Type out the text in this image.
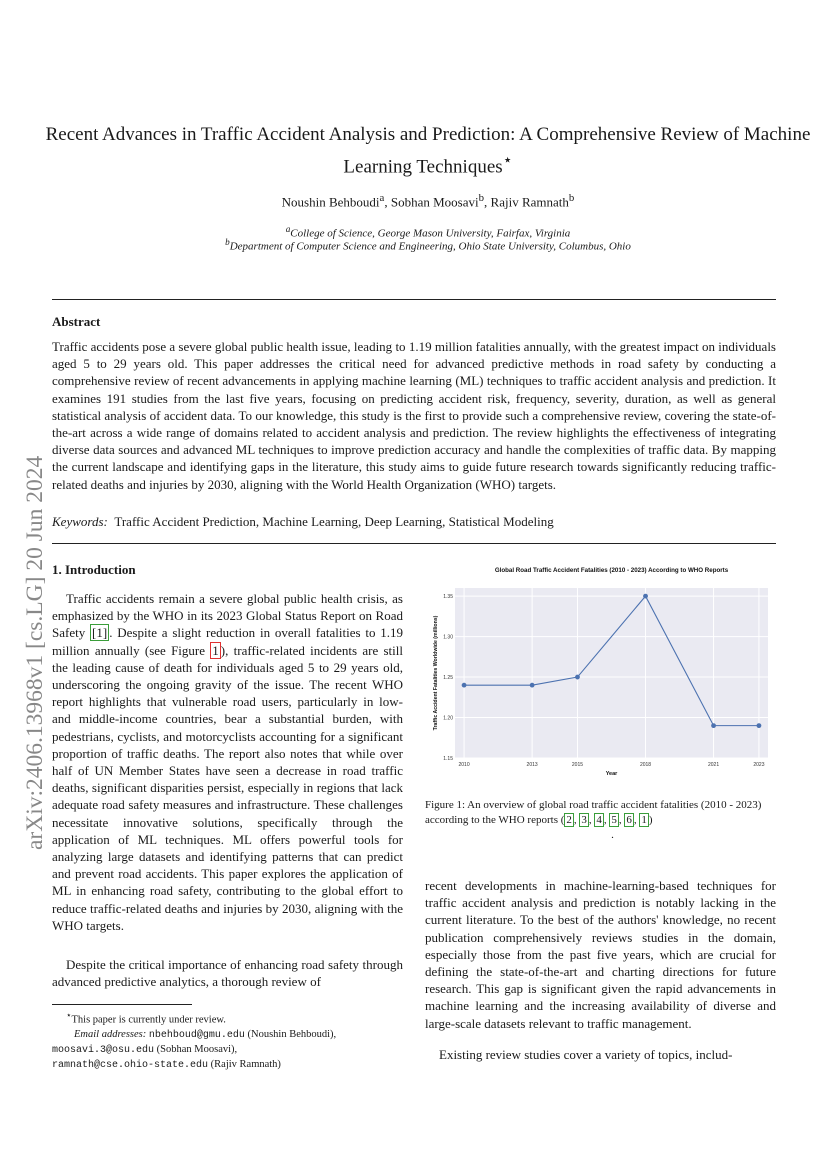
arXiv:2406.13968v1 [cs.LG] 20 Jun 2024
Recent Advances in Traffic Accident Analysis and Prediction: A Comprehensive Review of Machine Learning Techniques⋆
Noushin Behboudi$^a$, Sobhan Moosavi$^b$, Rajiv Ramnath$^b$
$^a$College of Science, George Mason University, Fairfax, Virginia
$^b$Department of Computer Science and Engineering, Ohio State University, Columbus, Ohio
Abstract
Traffic accidents pose a severe global public health issue, leading to 1.19 million fatalities annually, with the greatest impact on individuals aged 5 to 29 years old. This paper addresses the critical need for advanced predictive methods in road safety by conducting a comprehensive review of recent advancements in applying machine learning (ML) techniques to traffic accident analysis and prediction. It examines 191 studies from the last five years, focusing on predicting accident risk, frequency, severity, duration, as well as general statistical analysis of accident data. To our knowledge, this study is the first to provide such a comprehensive review, covering the state-of-the-art across a wide range of domains related to accident analysis and prediction. The review highlights the effectiveness of integrating diverse data sources and advanced ML techniques to improve prediction accuracy and handle the complexities of traffic data. By mapping the current landscape and identifying gaps in the literature, this study aims to guide future research towards significantly reducing traffic-related deaths and injuries by 2030, aligning with the World Health Organization (WHO) targets.
Keywords: Traffic Accident Prediction, Machine Learning, Deep Learning, Statistical Modeling
1. Introduction
Traffic accidents remain a severe global public health crisis, as emphasized by the WHO in its 2023 Global Status Report on Road Safety [1] . Despite a slight reduction in overall fatalities to 1.19 million annually (see Figure 1 ), traffic-related incidents are still the leading cause of death for individuals aged 5 to 29 years old, underscoring the ongoing gravity of the issue. The recent WHO report highlights that vulnerable road users, particularly in low- and middle-income countries, bear a substantial burden, with pedestrians, cyclists, and motorcyclists accounting for a significant proportion of traffic deaths. The report also notes that while over half of UN Member States have seen a decrease in road traffic deaths, significant disparities persist, especially in regions that lack adequate road safety measures and infrastructure. These challenges necessitate innovative solutions, specifically through the application of ML techniques. ML offers powerful tools for analyzing large datasets and identifying patterns that can predict and prevent road accidents. This paper explores the application of ML in enhancing road safety, contributing to the global effort to reduce traffic-related deaths and injuries by 2030, aligning with the WHO targets.
Despite the critical importance of enhancing road safety through advanced predictive analytics, a thorough review of
⋆This paper is currently under review.
Email addresses: nbehboud@gmu.edu (Noushin Behboudi),
moosavi.3@osu.edu (Sobhan Moosavi),
ramnath@cse.ohio-state.edu (Rajiv Ramnath)
1.15
1.20
1.25
1.30
1.35
2010	2013	2015	2018	2021	2023
Global Road Traffic Accident Fatalities (2010 - 2023) According to WHO Reports
Year
Traffic Accident Fatalities Worldwide (millions)
Figure 1: An overview of global road traffic accident fatalities (2010 - 2023) according to the WHO reports ( 2 , 3 , 4 , 5 , 6 , 1 )
.
recent developments in machine-learning-based techniques for traffic accident analysis and prediction is notably lacking in the current literature. To the best of the authors' knowledge, no recent publication comprehensively reviews studies in the domain, especially those from the past five years, which are crucial for defining the state-of-the-art and charting directions for future research. This gap is significant given the rapid advancements in machine learning and the increasing availability of diverse and large-scale datasets relevant to traffic management.
Existing review studies cover a variety of topics, includ-
